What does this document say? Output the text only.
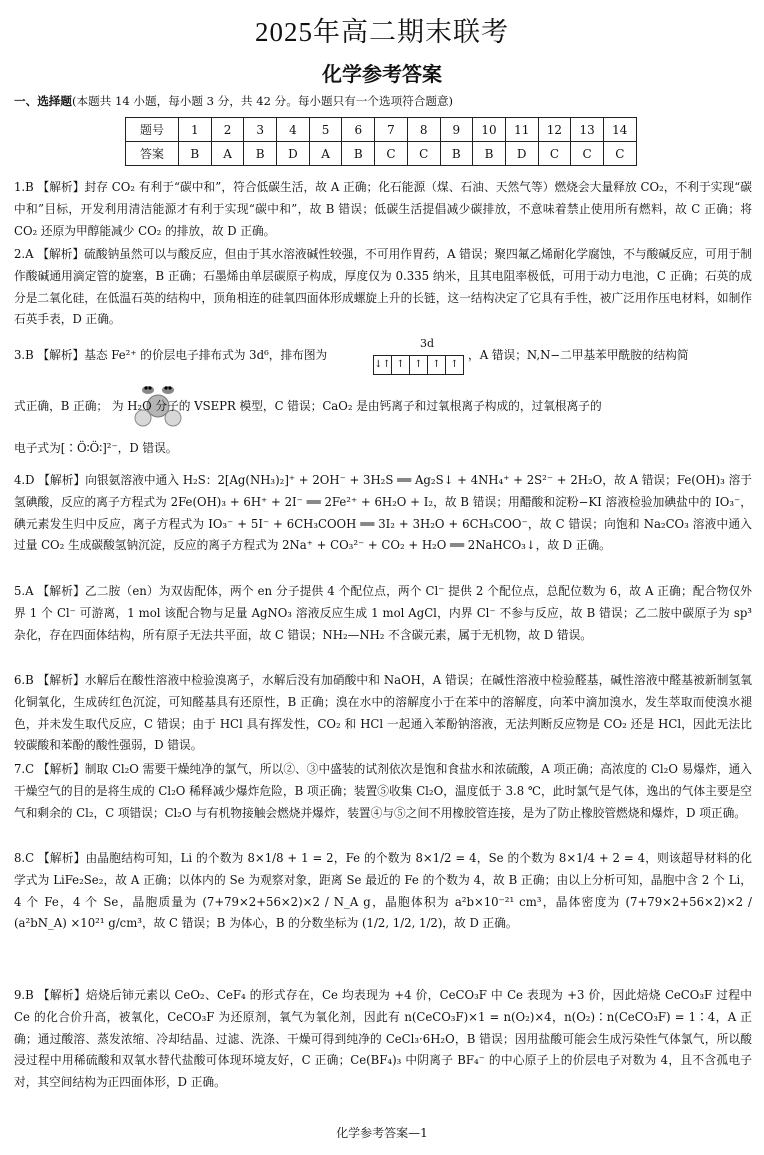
2025年高二期末联考
化学参考答案
一、选择题(本题共 14 小题，每小题 3 分，共 42 分。每小题只有一个选项符合题意)
题号	1	2	3	4	5	6	7	8	9	10	11	12	13	14
答案	B	A	B	D	A	B	C	C	B	B	D	C	C	C
1.B 【解析】封存 CO₂ 有利于“碳中和”，符合低碳生活，故 A 正确；化石能源（煤、石油、天然气等）燃烧会大量释放 CO₂，不利于实现“碳中和”目标，开发利用清洁能源才有利于实现“碳中和”，故 B 错误；低碳生活提倡减少碳排放，不意味着禁止使用所有燃料，故 C 正确；将 CO₂ 还原为甲醇能减少 CO₂ 的排放，故 D 正确。
2.A 【解析】硫酸钠虽然可以与酸反应，但由于其水溶液碱性较强，不可用作胃药，A 错误；聚四氟乙烯耐化学腐蚀，不与酸碱反应，可用于制作酸碱通用滴定管的旋塞，B 正确；石墨烯由单层碳原子构成，厚度仅为 0.335 纳米，且其电阻率极低，可用于动力电池，C 正确；石英的成分是二氧化硅，在低温石英的结构中，顶角相连的硅氧四面体形成螺旋上升的长链，这一结构决定了它具有手性，被广泛用作压电材料，如制作石英手表，D 正确。
3.B 【解析】基态 Fe²⁺ 的价层电子排布式为 3d⁶，排布图为
3d
↓↑ ↑ ↑ ↑ ↑
，A 错误；N,N−二甲基苯甲酰胺的结构简
式正确，B 正确； 为 H₂O 分子的 VSEPR 模型，C 错误；CaO₂ 是由钙离子和过氧根离子构成的，过氧根离子的
电子式为[∶Ö∶Ö∶]²⁻，D 错误。
4.D 【解析】向银氨溶液中通入 H₂S：2[Ag(NH₃)₂]⁺ + 2OH⁻ + 3H₂S ══ Ag₂S↓ + 4NH₄⁺ + 2S²⁻ + 2H₂O，故 A 错误；Fe(OH)₃ 溶于氢碘酸，反应的离子方程式为 2Fe(OH)₃ + 6H⁺ + 2I⁻ ══ 2Fe²⁺ + 6H₂O + I₂，故 B 错误；用醋酸和淀粉−KI 溶液检验加碘盐中的 IO₃⁻，碘元素发生归中反应，离子方程式为 IO₃⁻ + 5I⁻ + 6CH₃COOH ══ 3I₂ + 3H₂O + 6CH₃COO⁻，故 C 错误；向饱和 Na₂CO₃ 溶液中通入过量 CO₂ 生成碳酸氢钠沉淀，反应的离子方程式为 2Na⁺ + CO₃²⁻ + CO₂ + H₂O ══ 2NaHCO₃↓，故 D 正确。
5.A 【解析】乙二胺（en）为双齿配体，两个 en 分子提供 4 个配位点，两个 Cl⁻ 提供 2 个配位点，总配位数为 6，故 A 正确；配合物仅外界 1 个 Cl⁻ 可游离，1 mol 该配合物与足量 AgNO₃ 溶液反应生成 1 mol AgCl，内界 Cl⁻ 不参与反应，故 B 错误；乙二胺中碳原子为 sp³ 杂化，存在四面体结构，所有原子无法共平面，故 C 错误；NH₂—NH₂ 不含碳元素，属于无机物，故 D 错误。
6.B 【解析】水解后在酸性溶液中检验溴离子，水解后没有加硝酸中和 NaOH，A 错误；在碱性溶液中检验醛基，碱性溶液中醛基被新制氢氧化铜氧化，生成砖红色沉淀，可知醛基具有还原性，B 正确；溴在水中的溶解度小于在苯中的溶解度，向苯中滴加溴水，发生萃取而使溴水褪色，并未发生取代反应，C 错误；由于 HCl 具有挥发性，CO₂ 和 HCl 一起通入苯酚钠溶液，无法判断反应物是 CO₂ 还是 HCl，因此无法比较碳酸和苯酚的酸性强弱，D 错误。
7.C 【解析】制取 Cl₂O 需要干燥纯净的氯气，所以②、③中盛装的试剂依次是饱和食盐水和浓硫酸，A 项正确；高浓度的 Cl₂O 易爆炸，通入干燥空气的目的是将生成的 Cl₂O 稀释减少爆炸危险，B 项正确；装置⑤收集 Cl₂O，温度低于 3.8 ℃，此时氯气是气体，逸出的气体主要是空气和剩余的 Cl₂，C 项错误；Cl₂O 与有机物接触会燃烧并爆炸，装置④与⑤之间不用橡胶管连接，是为了防止橡胶管燃烧和爆炸，D 项正确。
8.C 【解析】由晶胞结构可知，Li 的个数为 8×1/8 + 1 = 2，Fe 的个数为 8×1/2 = 4，Se 的个数为 8×1/4 + 2 = 4，则该超导材料的化学式为 LiFe₂Se₂，故 A 正确；以体内的 Se 为观察对象，距离 Se 最近的 Fe 的个数为 4，故 B 正确；由以上分析可知，晶胞中含 2 个 Li，4 个 Fe，4 个 Se，晶胞质量为 (7+79×2+56×2)×2 / N_A g，晶胞体积为 a²b×10⁻²¹ cm³，晶体密度为 (7+79×2+56×2)×2 / (a²bN_A) ×10²¹ g/cm³，故 C 错误；B 为体心，B 的分数坐标为 (1/2, 1/2, 1/2)，故 D 正确。
9.B 【解析】焙烧后铈元素以 CeO₂、CeF₄ 的形式存在，Ce 均表现为 +4 价，CeCO₃F 中 Ce 表现为 +3 价，因此焙烧 CeCO₃F 过程中 Ce 的化合价升高，被氧化，CeCO₃F 为还原剂，氧气为氧化剂，因此有 n(CeCO₃F)×1 = n(O₂)×4，n(O₂)∶n(CeCO₃F) = 1∶4，A 正确；通过酸溶、蒸发浓缩、冷却结晶、过滤、洗涤、干燥可得到纯净的 CeCl₃·6H₂O，B 错误；因用盐酸可能会生成污染性气体氯气，所以酸浸过程中用稀硫酸和双氧水替代盐酸可体现环境友好，C 正确；Ce(BF₄)₃ 中阴离子 BF₄⁻ 的中心原子上的价层电子对数为 4，且不含孤电子对，其空间结构为正四面体形，D 正确。
化学参考答案—1
